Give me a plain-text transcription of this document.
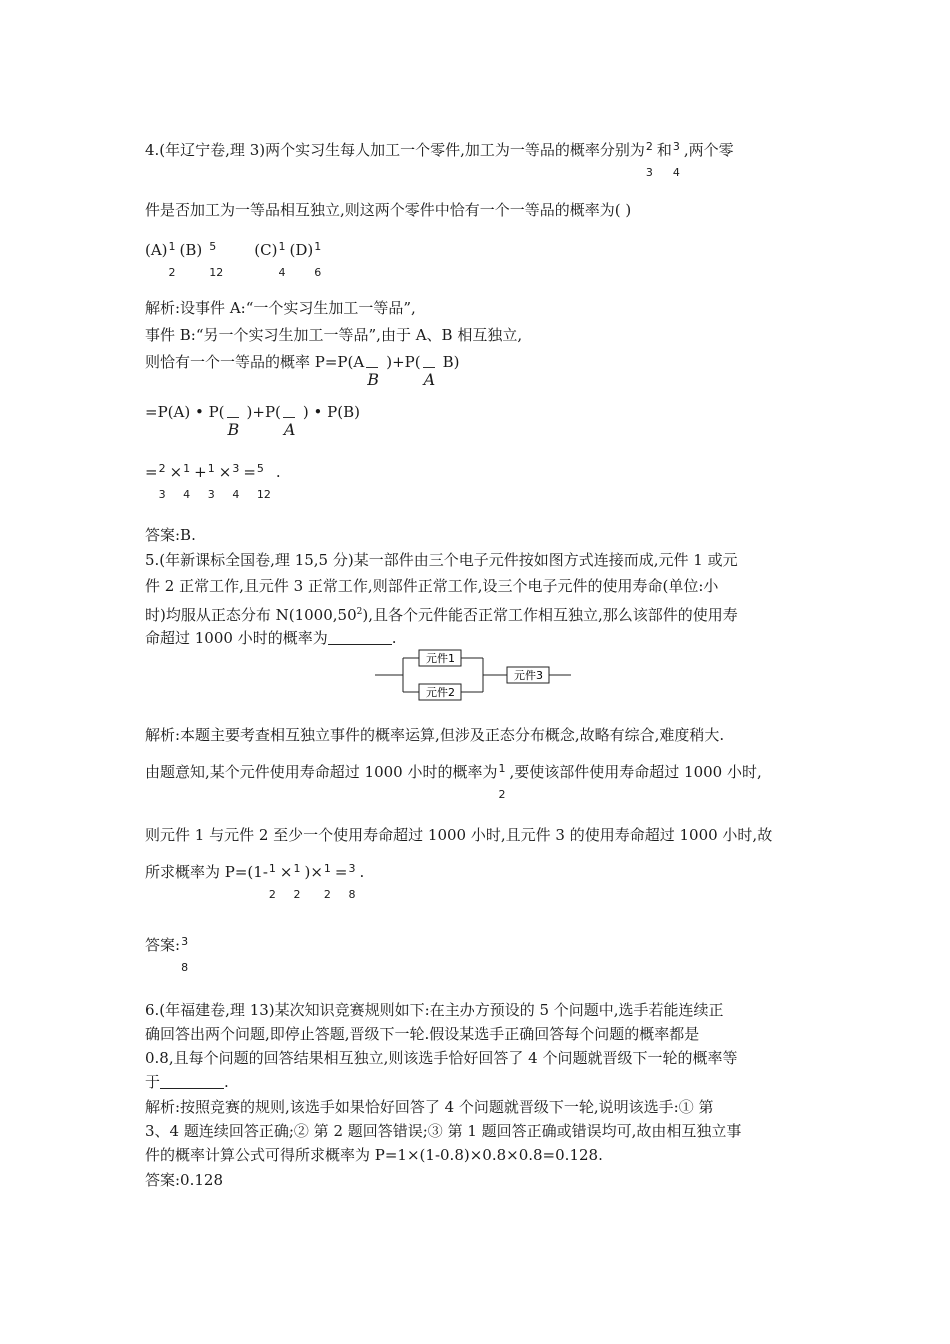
4.(年辽宁卷,理 3)两个实习生每人加工一个零件,加工为一等品的概率分别为 2
3
和 3
4
,两个零
件是否加工为一等品相互独立,则这两个零件中恰有一个一等品的概率为( )
(A) 1
2
(B) 5
12
(C) 1
4
(D) 1
6
解析:设事件 A:“一个实习生加工一等品”,
事件 B:“另一个实习生加工一等品”,由于 A、B 相互独立,
则恰有一个一等品的概率 P=P(A
B
)+P(
A
B)
=P(A) • P(
B
)+P(
A
) • P(B)
= 2
3
× 1
4
+ 1
3
× 3
4
= 5
12
.
答案:B.
5.(年新课标全国卷,理 15,5 分)某一部件由三个电子元件按如图方式连接而成,元件 1 或元
件 2 正常工作,且元件 3 正常工作,则部件正常工作,设三个电子元件的使用寿命(单位:小
时)均服从正态分布 N(1000,50$^2$),且各个元件能否正常工作相互独立,那么该部件的使用寿
命超过 1000 小时的概率为	.
元件1
元件2
元件3
解析:本题主要考查相互独立事件的概率运算,但涉及正态分布概念,故略有综合,难度稍大.
由题意知,某个元件使用寿命超过 1000 小时的概率为 1
2
,要使该部件使用寿命超过 1000 小时,
则元件 1 与元件 2 至少一个使用寿命超过 1000 小时,且元件 3 的使用寿命超过 1000 小时,故
所求概率为 P=(1- 1
2
× 1
2
)× 1
2
= 3
8
.
答案: 3
8
6.(年福建卷,理 13)某次知识竞赛规则如下:在主办方预设的 5 个问题中,选手若能连续正
确回答出两个问题,即停止答题,晋级下一轮.假设某选手正确回答每个问题的概率都是
0.8,且每个问题的回答结果相互独立,则该选手恰好回答了 4 个问题就晋级下一轮的概率等
于	.
解析:按照竞赛的规则,该选手如果恰好回答了 4 个问题就晋级下一轮,说明该选手:① 第
3、4 题连续回答正确;② 第 2 题回答错误;③ 第 1 题回答正确或错误均可,故由相互独立事
件的概率计算公式可得所求概率为 P=1×(1-0.8)×0.8×0.8=0.128.
答案:0.128
